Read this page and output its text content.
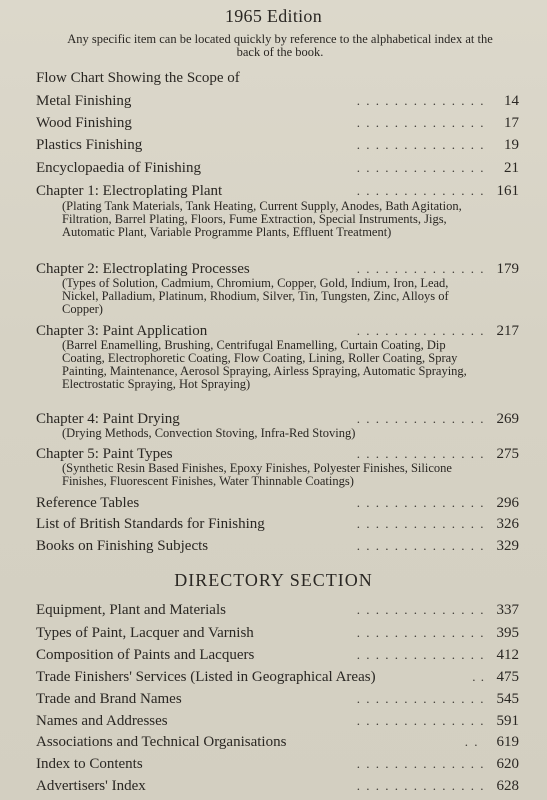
1965 Edition
Any specific item can be located quickly by reference to the alphabetical index at the back of the book.
Flow Chart Showing the Scope of
Metal Finishing	. . . . . . . . . . . . . .	14
Wood Finishing	. . . . . . . . . . . . . .	17
Plastics Finishing	. . . . . . . . . . . . . .	19
Encyclopaedia of Finishing	. . . . . . . . . . . . . .	21
Chapter 1: Electroplating Plant	. . . . . . . . . . . . . . 161
(Plating Tank Materials, Tank Heating, Current Supply, Anodes, Bath Agitation, Filtration, Barrel Plating, Floors, Fume Extraction, Special Instruments, Jigs, Automatic Plant, Variable Programme Plants, Effluent Treatment)
Chapter 2: Electroplating Processes	. . . . . . . . . . . . . . 179
(Types of Solution, Cadmium, Chromium, Copper, Gold, Indium, Iron, Lead, Nickel, Palladium, Platinum, Rhodium, Silver, Tin, Tungsten, Zinc, Alloys of Copper)
Chapter 3: Paint Application	. . . . . . . . . . . . . . 217
(Barrel Enamelling, Brushing, Centrifugal Enamelling, Curtain Coating, Dip Coating, Electrophoretic Coating, Flow Coating, Lining, Roller Coating, Spray Painting, Maintenance, Aerosol Spraying, Airless Spraying, Automatic Spraying, Electrostatic Spraying, Hot Spraying)
Chapter 4: Paint Drying	. . . . . . . . . . . . . . 269
(Drying Methods, Convection Stoving, Infra-Red Stoving)
Chapter 5: Paint Types	. . . . . . . . . . . . . . 275
(Synthetic Resin Based Finishes, Epoxy Finishes, Polyester Finishes, Silicone Finishes, Fluorescent Finishes, Water Thinnable Coatings)
Reference Tables	. . . . . . . . . . . . . . 296
List of British Standards for Finishing	. . . . . . . . . . . . . . 326
Books on Finishing Subjects	. . . . . . . . . . . . . . 329
DIRECTORY SECTION
Equipment, Plant and Materials	. . . . . . . . . . . . . . 337
Types of Paint, Lacquer and Varnish	. . . . . . . . . . . . . . 395
Composition of Paints and Lacquers	. . . . . . . . . . . . . . 412
Trade Finishers' Services (Listed in Geographical Areas)	. . 475
Trade and Brand Names	. . . . . . . . . . . . . . 545
Names and Addresses	. . . . . . . . . . . . . . 591
Associations and Technical Organisations	. .	619
Index to Contents	. . . . . . . . . . . . . . 620
Advertisers' Index	. . . . . . . . . . . . . . 628
